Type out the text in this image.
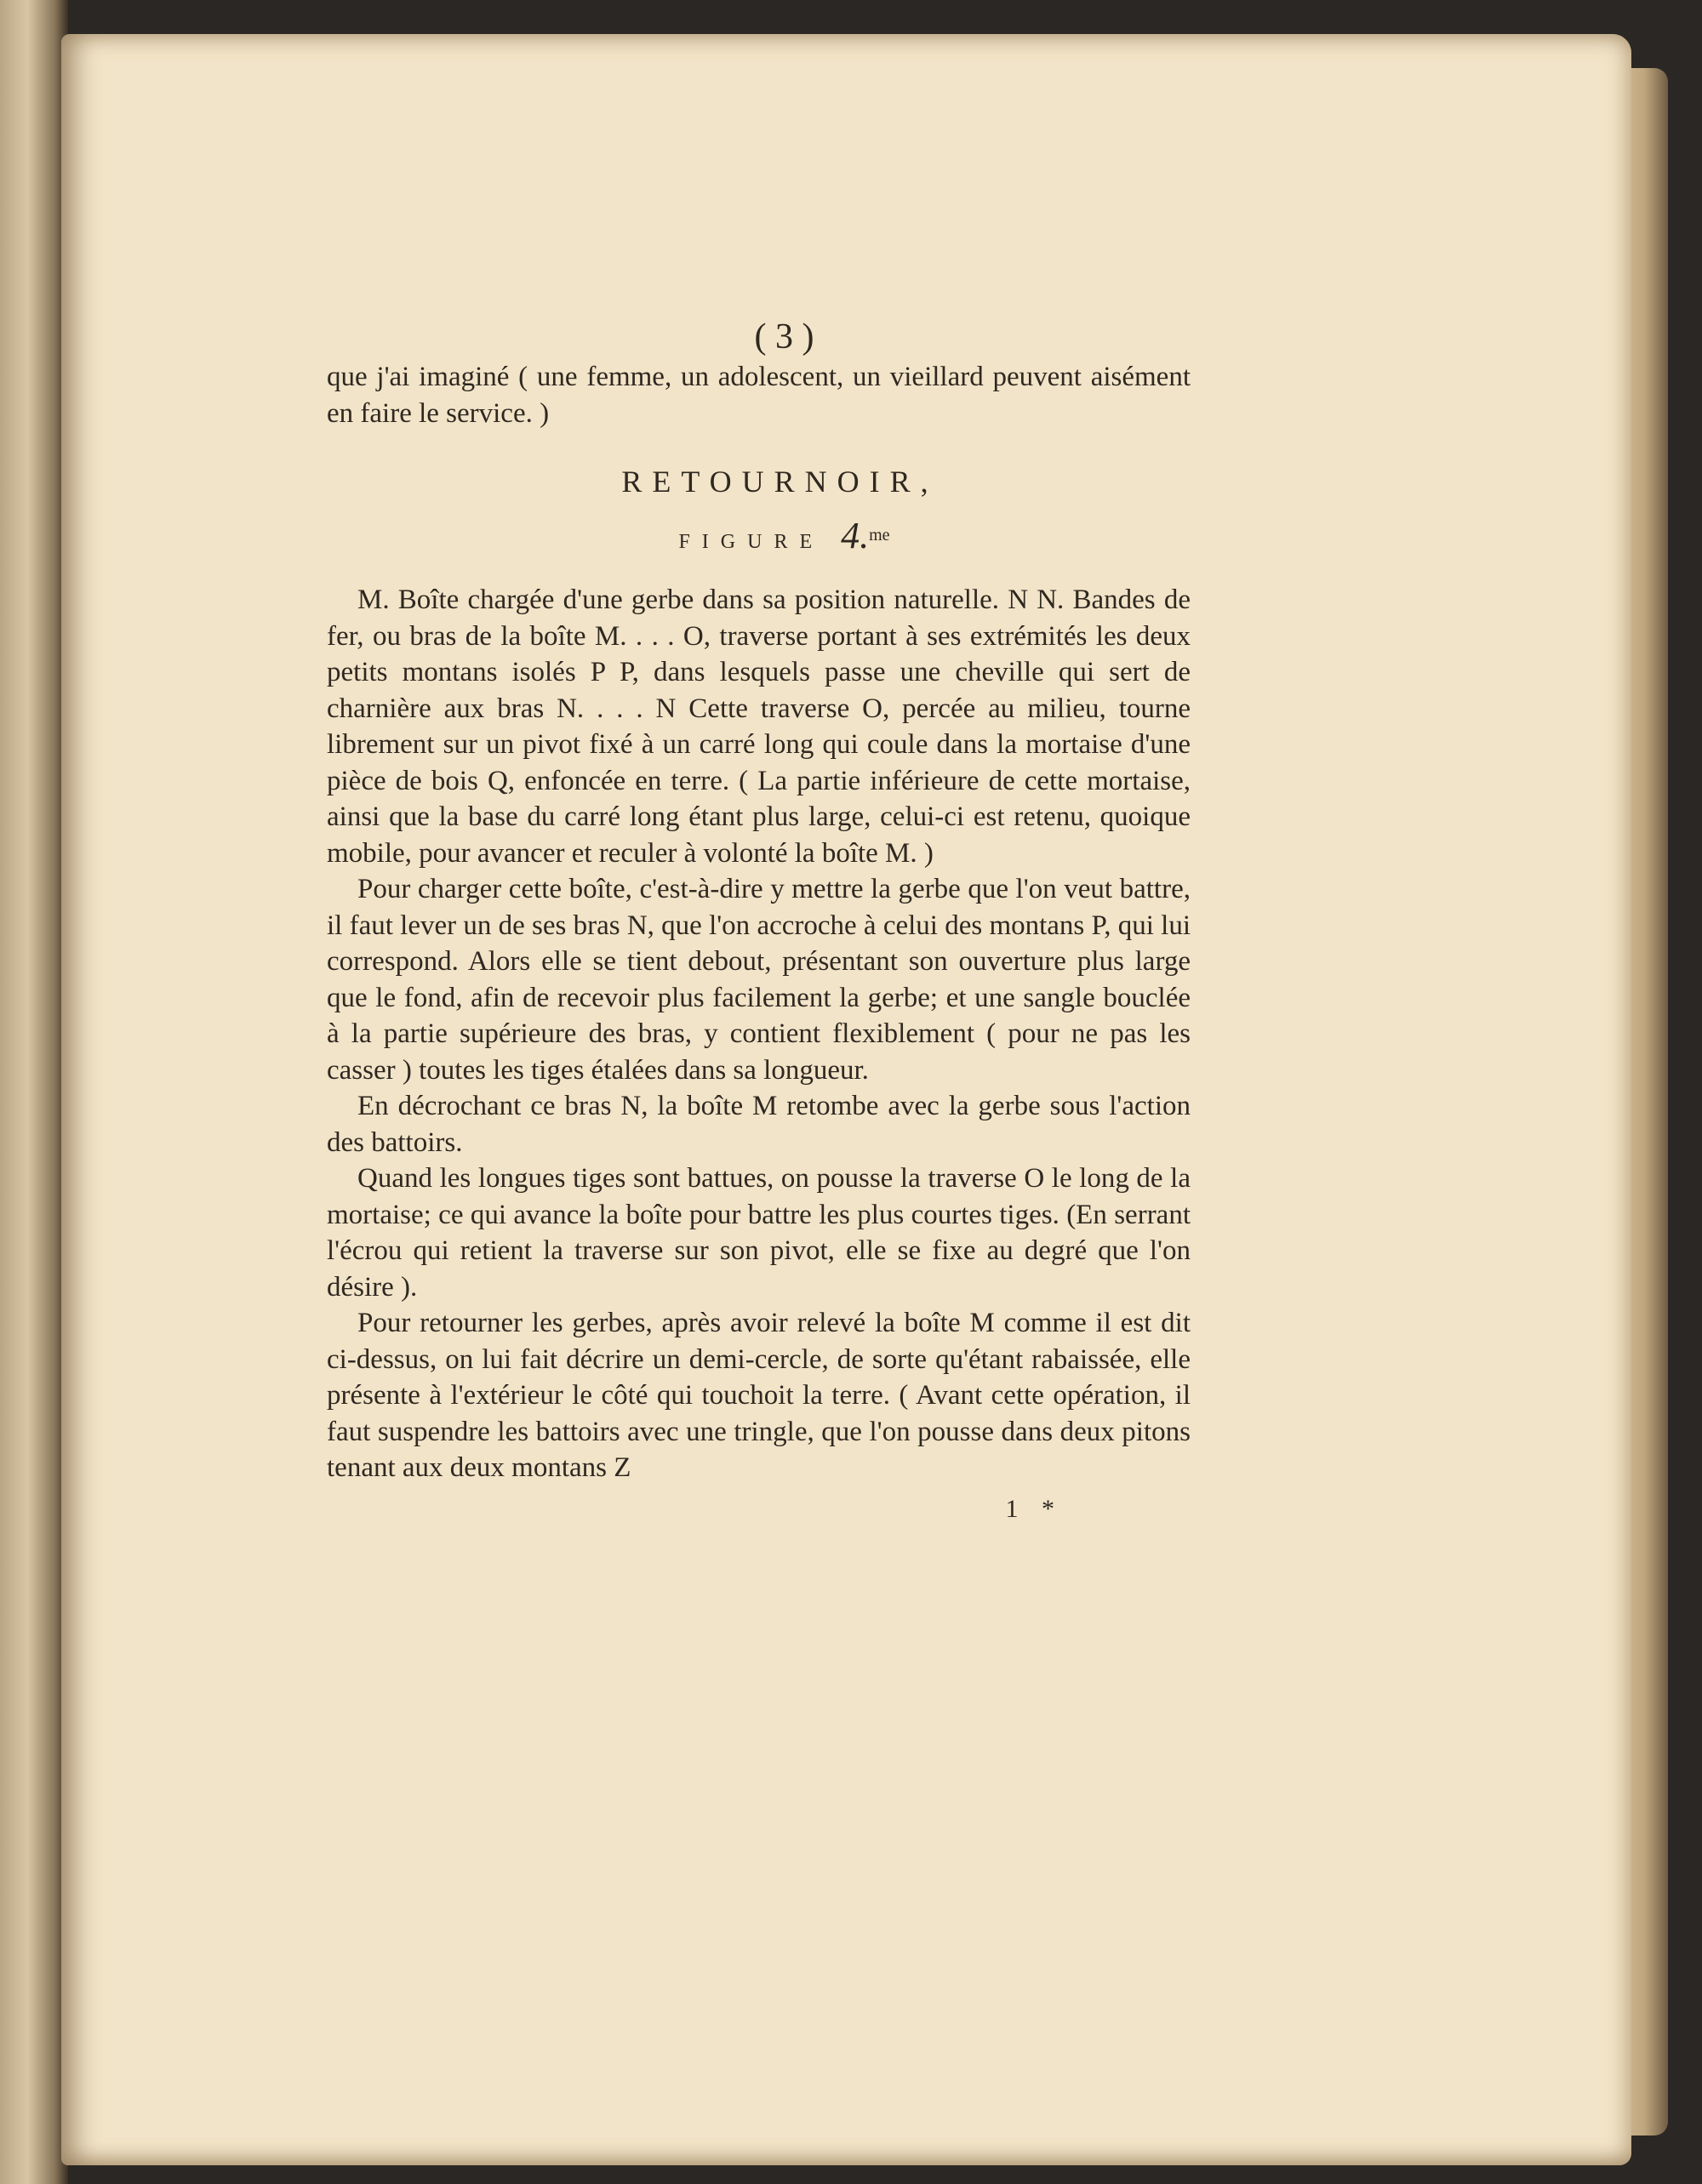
( 3 )

que j'ai imaginé ( une femme, un adolescent, un vieillard peuvent aisément en faire le service. )

RETOURNOIR,

FIGURE 4.$^{me}$

M. Boîte chargée d'une gerbe dans sa position naturelle. N N. Bandes de fer, ou bras de la boîte M. . . . O, traverse portant à ses extrémités les deux petits montans isolés P P, dans lesquels passe une cheville qui sert de charnière aux bras N. . . . N Cette traverse O, percée au milieu, tourne librement sur un pivot fixé à un carré long qui coule dans la mortaise d'une pièce de bois Q, enfoncée en terre. ( La partie inférieure de cette mortaise, ainsi que la base du carré long étant plus large, celui-ci est retenu, quoique mobile, pour avancer et reculer à volonté la boîte M. )

Pour charger cette boîte, c'est-à-dire y mettre la gerbe que l'on veut battre, il faut lever un de ses bras N, que l'on accroche à celui des montans P, qui lui correspond. Alors elle se tient debout, présentant son ouverture plus large que le fond, afin de recevoir plus facilement la gerbe; et une sangle bouclée à la partie supérieure des bras, y contient flexiblement ( pour ne pas les casser ) toutes les tiges étalées dans sa longueur.

En décrochant ce bras N, la boîte M retombe avec la gerbe sous l'action des battoirs.

Quand les longues tiges sont battues, on pousse la traverse O le long de la mortaise; ce qui avance la boîte pour battre les plus courtes tiges. (En serrant l'écrou qui retient la traverse sur son pivot, elle se fixe au degré que l'on désire ).

Pour retourner les gerbes, après avoir relevé la boîte M comme il est dit ci-dessus, on lui fait décrire un demi-cercle, de sorte qu'étant rabaissée, elle présente à l'extérieur le côté qui touchoit la terre. ( Avant cette opération, il faut suspendre les battoirs avec une tringle, que l'on pousse dans deux pitons tenant aux deux montans Z

1 *
